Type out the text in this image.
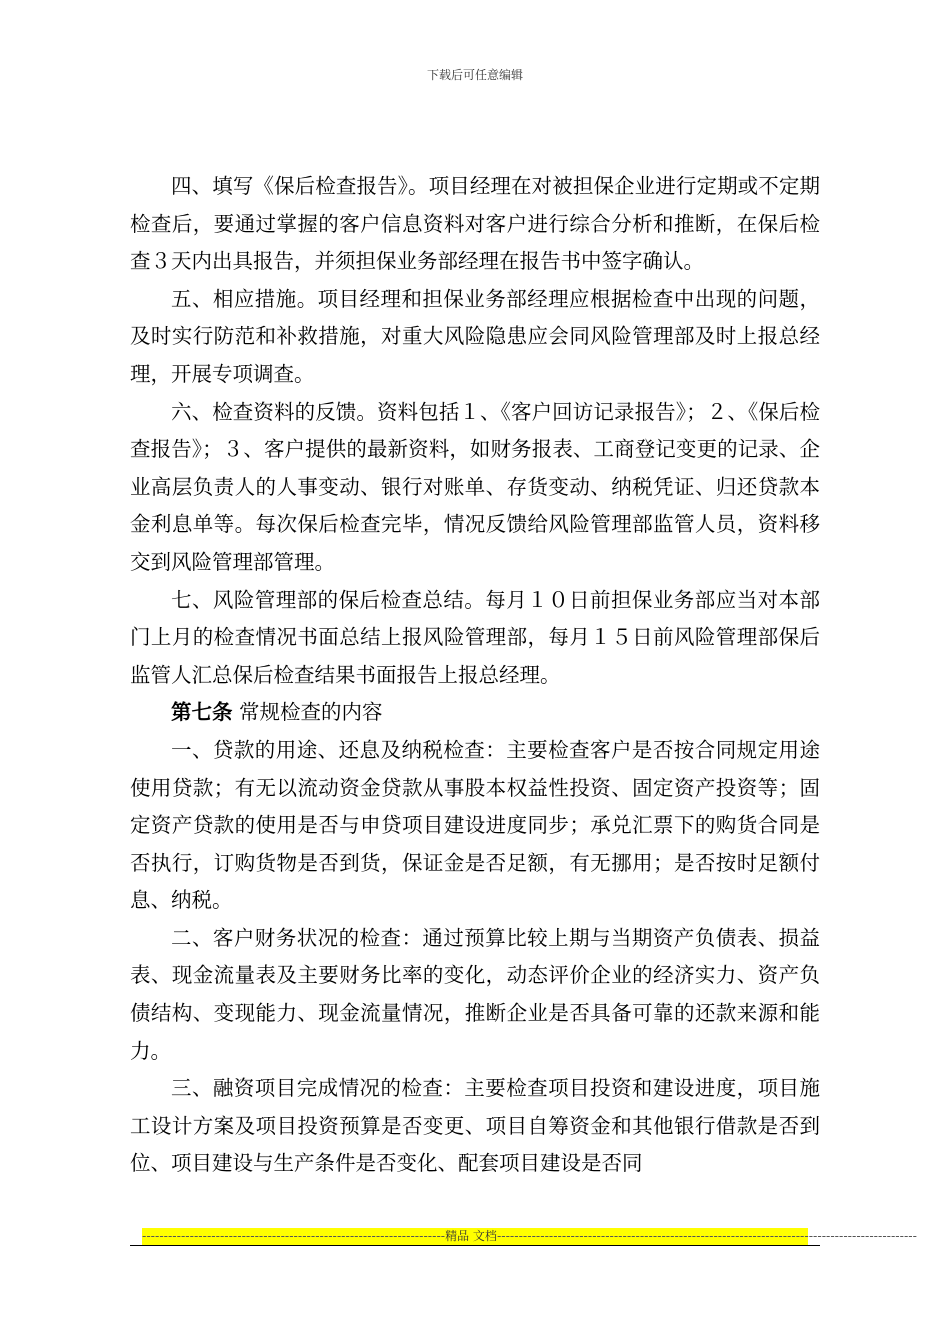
下载后可任意编辑

四、填写《保后检查报告》。项目经理在对被担保企业进行定期或不定期检查后，要通过掌握的客户信息资料对客户进行综合分析和推断，在保后检查３天内出具报告，并须担保业务部经理在报告书中签字确认。

五、相应措施。项目经理和担保业务部经理应根据检查中出现的问题，及时实行防范和补救措施，对重大风险隐患应会同风险管理部及时上报总经理，开展专项调查。

六、检查资料的反馈。资料包括１、《客户回访记录报告》；２、《保后检查报告》；３、客户提供的最新资料，如财务报表、工商登记变更的记录、企业高层负责人的人事变动、银行对账单、存货变动、纳税凭证、归还贷款本金利息单等。每次保后检查完毕，情况反馈给风险管理部监管人员，资料移交到风险管理部管理。

七、风险管理部的保后检查总结。每月１０日前担保业务部应当对本部门上月的检查情况书面总结上报风险管理部，每月１５日前风险管理部保后监管人汇总保后检查结果书面报告上报总经理。

第七条 常规检查的内容

一、贷款的用途、还息及纳税检查：主要检查客户是否按合同规定用途使用贷款；有无以流动资金贷款从事股本权益性投资、固定资产投资等；固定资产贷款的使用是否与申贷项目建设进度同步；承兑汇票下的购货合同是否执行，订购货物是否到货，保证金是否足额，有无挪用；是否按时足额付息、纳税。

二、客户财务状况的检查：通过预算比较上期与当期资产负债表、损益表、现金流量表及主要财务比率的变化，动态评价企业的经济实力、资产负债结构、变现能力、现金流量情况，推断企业是否具备可靠的还款来源和能力。

三、融资项目完成情况的检查：主要检查项目投资和建设进度，项目施工设计方案及项目投资预算是否变更、项目自筹资金和其他银行借款是否到位、项目建设与生产条件是否变化、配套项目建设是否同

----------------------------------------------------------------------精品 文档-------------------------------------------------------------------------------------------------
